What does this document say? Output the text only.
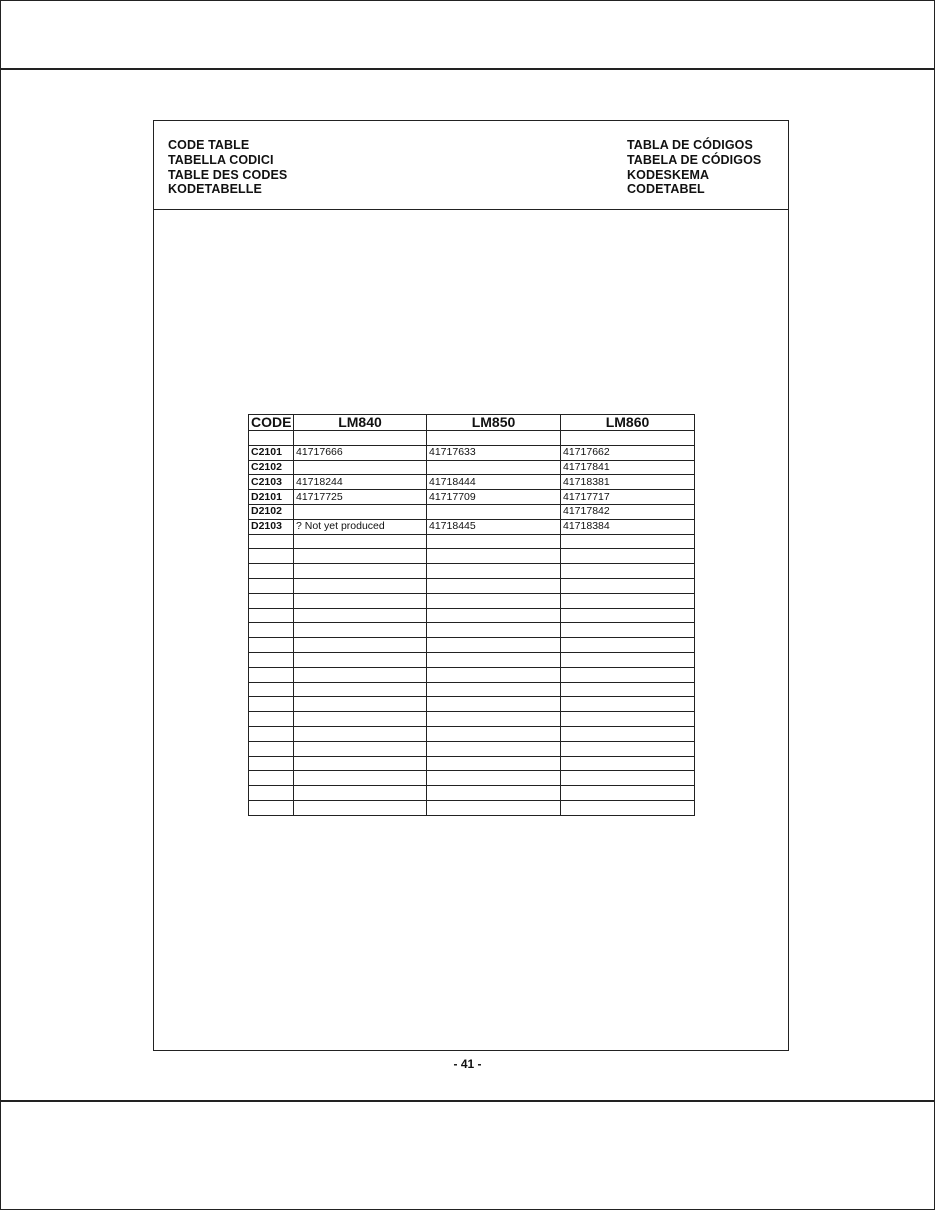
CODE TABLE
TABELLA CODICI
TABLE DES CODES
KODETABELLE
TABLA DE CÓDIGOS
TABELA DE CÓDIGOS
KODESKEMA
CODETABEL
CODE	LM840	LM850	LM860

C2101	41717666	41717633	41717662
C2102			41717841
C2103	41718244	41718444	41718381
D2101	41717725	41717709	41717717
D2102			41717842
D2103	? Not yet produced	41718445	41718384

- 41 -
